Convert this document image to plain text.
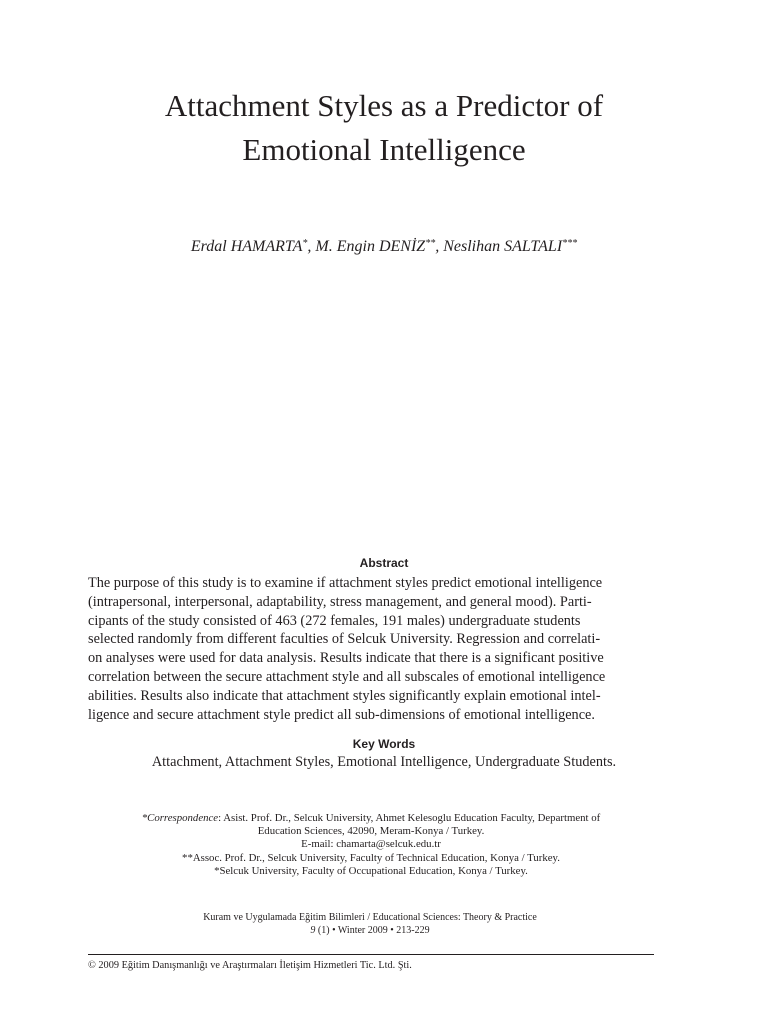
Attachment Styles as a Predictor of
Emotional Intelligence
Erdal HAMARTA*, M. Engin DENİZ**, Neslihan SALTALI***
Abstract
The purpose of this study is to examine if attachment styles predict emotional intelligence
(intrapersonal, interpersonal, adaptability, stress management, and general mood). Parti-
cipants of the study consisted of 463 (272 females, 191 males) undergraduate students
selected randomly from different faculties of Selcuk University. Regression and correlati-
on analyses were used for data analysis. Results indicate that there is a significant positive
correlation between the secure attachment style and all subscales of emotional intelligence
abilities. Results also indicate that attachment styles significantly explain emotional intel-
ligence and secure attachment style predict all sub-dimensions of emotional intelligence.
Key Words
Attachment, Attachment Styles, Emotional Intelligence, Undergraduate Students.
*Correspondence: Asist. Prof. Dr., Selcuk University, Ahmet Kelesoglu Education Faculty, Department of
Education Sciences, 42090, Meram-Konya / Turkey.
E-mail: chamarta@selcuk.edu.tr
**Assoc. Prof. Dr., Selcuk University, Faculty of Technical Education, Konya / Turkey.
*Selcuk University, Faculty of Occupational Education, Konya / Turkey.
Kuram ve Uygulamada Eğitim Bilimleri / Educational Sciences: Theory & Practice
9 (1) • Winter 2009 • 213-229
© 2009 Eğitim Danışmanlığı ve Araştırmaları İletişim Hizmetleri Tic. Ltd. Şti.
